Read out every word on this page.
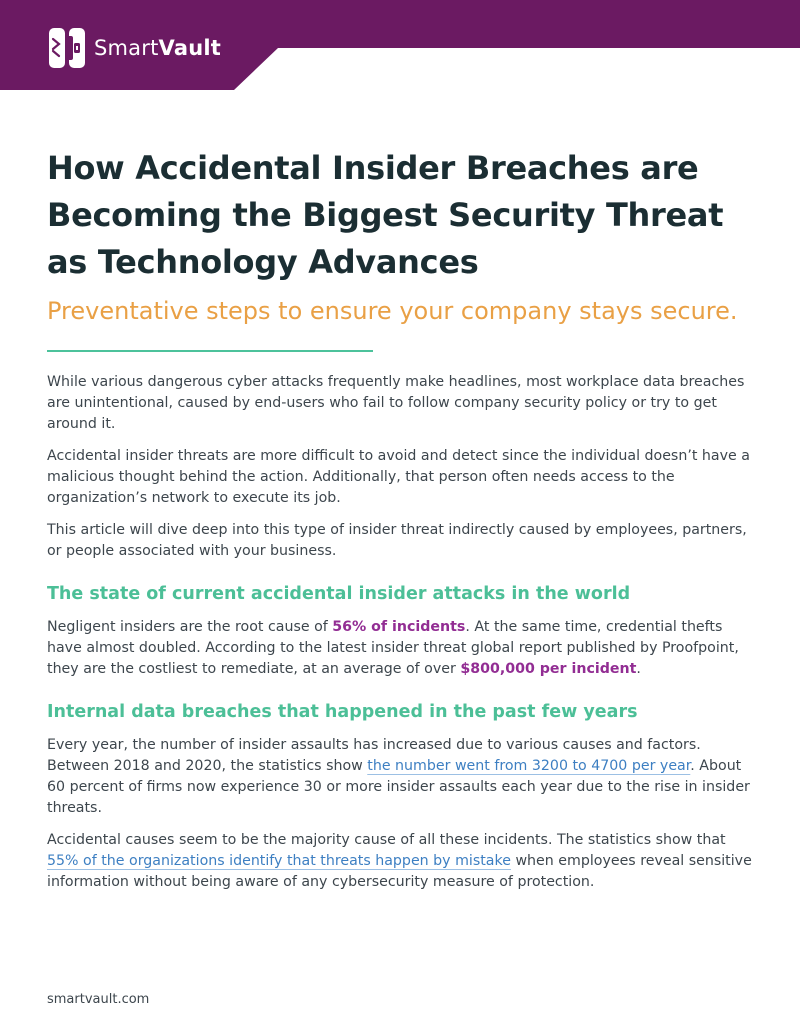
SmartVault
How Accidental Insider Breaches are Becoming the Biggest Security Threat as Technology Advances
Preventative steps to ensure your company stays secure.

While various dangerous cyber attacks frequently make headlines, most workplace data breaches are unintentional, caused by end-users who fail to follow company security policy or try to get around it.

Accidental insider threats are more difficult to avoid and detect since the individual doesn’t have a malicious thought behind the action. Additionally, that person often needs access to the organization’s network to execute its job.

This article will dive deep into this type of insider threat indirectly caused by employees, partners, or people associated with your business.

The state of current accidental insider attacks in the world

Negligent insiders are the root cause of 56% of incidents. At the same time, credential thefts have almost doubled. According to the latest insider threat global report published by Proofpoint, they are the costliest to remediate, at an average of over $800,000 per incident.

Internal data breaches that happened in the past few years

Every year, the number of insider assaults has increased due to various causes and factors. Between 2018 and 2020, the statistics show the number went from 3200 to 4700 per year. About 60 percent of firms now experience 30 or more insider assaults each year due to the rise in insider threats.

Accidental causes seem to be the majority cause of all these incidents. The statistics show that 55% of the organizations identify that threats happen by mistake when employees reveal sensitive information without being aware of any cybersecurity measure of protection.

smartvault.com
